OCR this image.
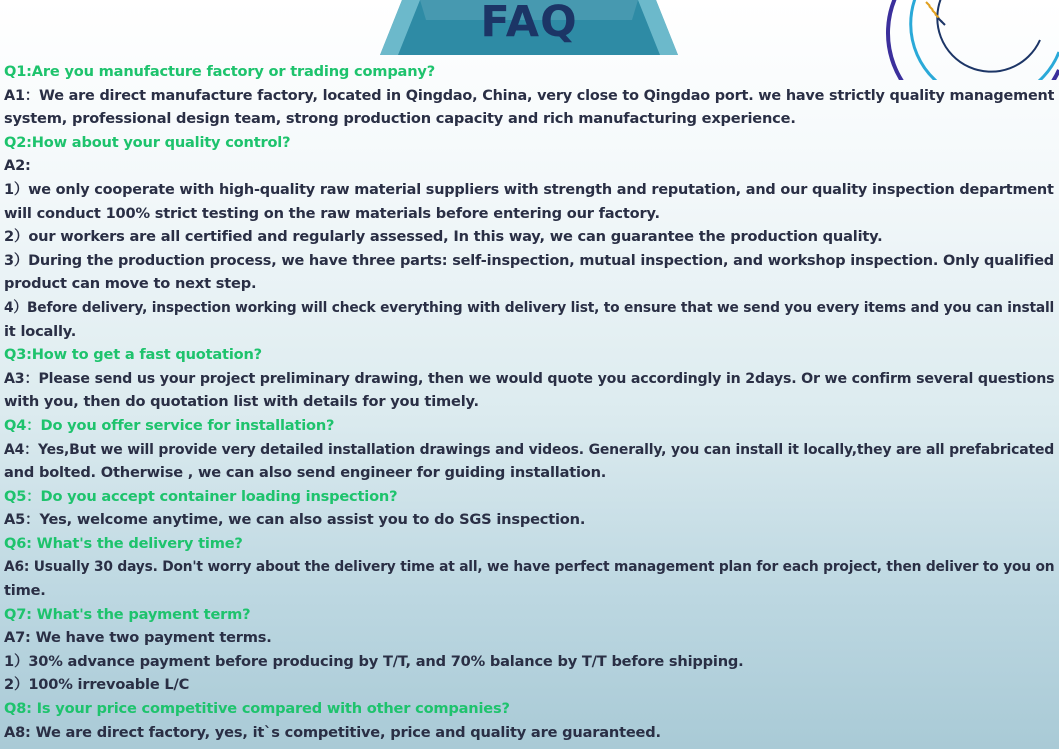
FAQ
Q1:Are you manufacture factory or trading company?
A1：We are direct manufacture factory, located in Qingdao, China, very close to Qingdao port. we have strictly quality management
system, professional design team, strong production capacity and rich manufacturing experience.
Q2:How about your quality control?
A2:
1）we only cooperate with high-quality raw material suppliers with strength and reputation, and our quality inspection department
will conduct 100% strict testing on the raw materials before entering our factory.
2）our workers are all certified and regularly assessed, In this way, we can guarantee the production quality.
3）During the production process, we have three parts: self-inspection, mutual inspection, and workshop inspection. Only qualified
product can move to next step.
4）Before delivery, inspection working will check everything with delivery list, to ensure that we send you every items and you can install
it locally.
Q3:How to get a fast quotation?
A3：Please send us your project preliminary drawing, then we would quote you accordingly in 2days. Or we confirm several questions
with you, then do quotation list with details for you timely.
Q4：Do you offer service for installation?
A4：Yes,But we will provide very detailed installation drawings and videos. Generally, you can install it locally,they are all prefabricated
and bolted. Otherwise , we can also send engineer for guiding installation.
Q5：Do you accept container loading inspection?
A5：Yes, welcome anytime, we can also assist you to do SGS inspection.
Q6: What's the delivery time?
A6: Usually 30 days. Don't worry about the delivery time at all, we have perfect management plan for each project, then deliver to you on
time.
Q7: What's the payment term?
A7: We have two payment terms.
1）30% advance payment before producing by T/T, and 70% balance by T/T before shipping.
2）100% irrevoable L/C
Q8: Is your price competitive compared with other companies?
A8: We are direct factory, yes, it`s competitive, price and quality are guaranteed.
